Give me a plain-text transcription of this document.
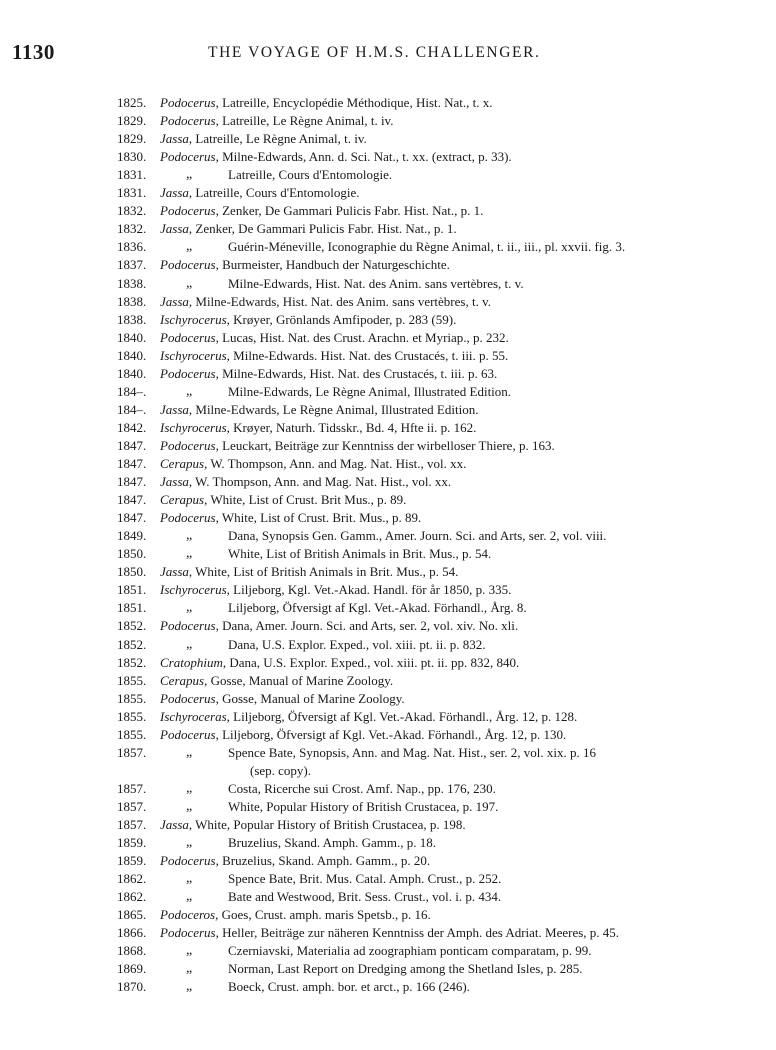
1130	THE VOYAGE OF H.M.S. CHALLENGER.
1825. Podocerus, Latreille, Encyclopédie Méthodique, Hist. Nat., t. x.
1829. Podocerus, Latreille, Le Règne Animal, t. iv.
1829. Jassa, Latreille, Le Règne Animal, t. iv.
1830. Podocerus, Milne-Edwards, Ann. d. Sci. Nat., t. xx. (extract, p. 33).
1831.	„	Latreille, Cours d'Entomologie.
1831. Jassa, Latreille, Cours d'Entomologie.
1832. Podocerus, Zenker, De Gammari Pulicis Fabr. Hist. Nat., p. 1.
1832. Jassa, Zenker, De Gammari Pulicis Fabr. Hist. Nat., p. 1.
1836.	„	Guérin-Méneville, Iconographie du Règne Animal, t. ii., iii., pl. xxvii. fig. 3.
1837. Podocerus, Burmeister, Handbuch der Naturgeschichte.
1838.	„	Milne-Edwards, Hist. Nat. des Anim. sans vertèbres, t. v.
1838. Jassa, Milne-Edwards, Hist. Nat. des Anim. sans vertèbres, t. v.
1838. Ischyrocerus, Krøyer, Grönlands Amfipoder, p. 283 (59).
1840. Podocerus, Lucas, Hist. Nat. des Crust. Arachn. et Myriap., p. 232.
1840. Ischyrocerus, Milne-Edwards. Hist. Nat. des Crustacés, t. iii. p. 55.
1840. Podocerus, Milne-Edwards, Hist. Nat. des Crustacés, t. iii. p. 63.
184–.	„	Milne-Edwards, Le Règne Animal, Illustrated Edition.
184–. Jassa, Milne-Edwards, Le Règne Animal, Illustrated Edition.
1842. Ischyrocerus, Krøyer, Naturh. Tidsskr., Bd. 4, Hfte ii. p. 162.
1847. Podocerus, Leuckart, Beiträge zur Kenntniss der wirbelloser Thiere, p. 163.
1847. Cerapus, W. Thompson, Ann. and Mag. Nat. Hist., vol. xx.
1847. Jassa, W. Thompson, Ann. and Mag. Nat. Hist., vol. xx.
1847. Cerapus, White, List of Crust. Brit Mus., p. 89.
1847. Podocerus, White, List of Crust. Brit. Mus., p. 89.
1849.	„	Dana, Synopsis Gen. Gamm., Amer. Journ. Sci. and Arts, ser. 2, vol. viii.
1850.	„	White, List of British Animals in Brit. Mus., p. 54.
1850. Jassa, White, List of British Animals in Brit. Mus., p. 54.
1851. Ischyrocerus, Liljeborg, Kgl. Vet.-Akad. Handl. för år 1850, p. 335.
1851.	„	Liljeborg, Öfversigt af Kgl. Vet.-Akad. Förhandl., Årg. 8.
1852. Podocerus, Dana, Amer. Journ. Sci. and Arts, ser. 2, vol. xiv. No. xli.
1852.	„	Dana, U.S. Explor. Exped., vol. xiii. pt. ii. p. 832.
1852. Cratophium, Dana, U.S. Explor. Exped., vol. xiii. pt. ii. pp. 832, 840.
1855. Cerapus, Gosse, Manual of Marine Zoology.
1855. Podocerus, Gosse, Manual of Marine Zoology.
1855. Ischyroceras, Liljeborg, Öfversigt af Kgl. Vet.-Akad. Förhandl., Årg. 12, p. 128.
1855. Podocerus, Liljeborg, Öfversigt af Kgl. Vet.-Akad. Förhandl., Årg. 12, p. 130.
1857.	„	Spence Bate, Synopsis, Ann. and Mag. Nat. Hist., ser. 2, vol. xix. p. 16
(sep. copy).
1857.	„	Costa, Ricerche sui Crost. Amf. Nap., pp. 176, 230.
1857.	„	White, Popular History of British Crustacea, p. 197.
1857. Jassa, White, Popular History of British Crustacea, p. 198.
1859.	„	Bruzelius, Skand. Amph. Gamm., p. 18.
1859. Podocerus, Bruzelius, Skand. Amph. Gamm., p. 20.
1862.	„	Spence Bate, Brit. Mus. Catal. Amph. Crust., p. 252.
1862.	„	Bate and Westwood, Brit. Sess. Crust., vol. i. p. 434.
1865. Podoceros, Goes, Crust. amph. maris Spetsb., p. 16.
1866. Podocerus, Heller, Beiträge zur näheren Kenntniss der Amph. des Adriat. Meeres, p. 45.
1868.	„	Czerniavski, Materialia ad zoographiam ponticam comparatam, p. 99.
1869.	„	Norman, Last Report on Dredging among the Shetland Isles, p. 285.
1870.	„	Boeck, Crust. amph. bor. et arct., p. 166 (246).
